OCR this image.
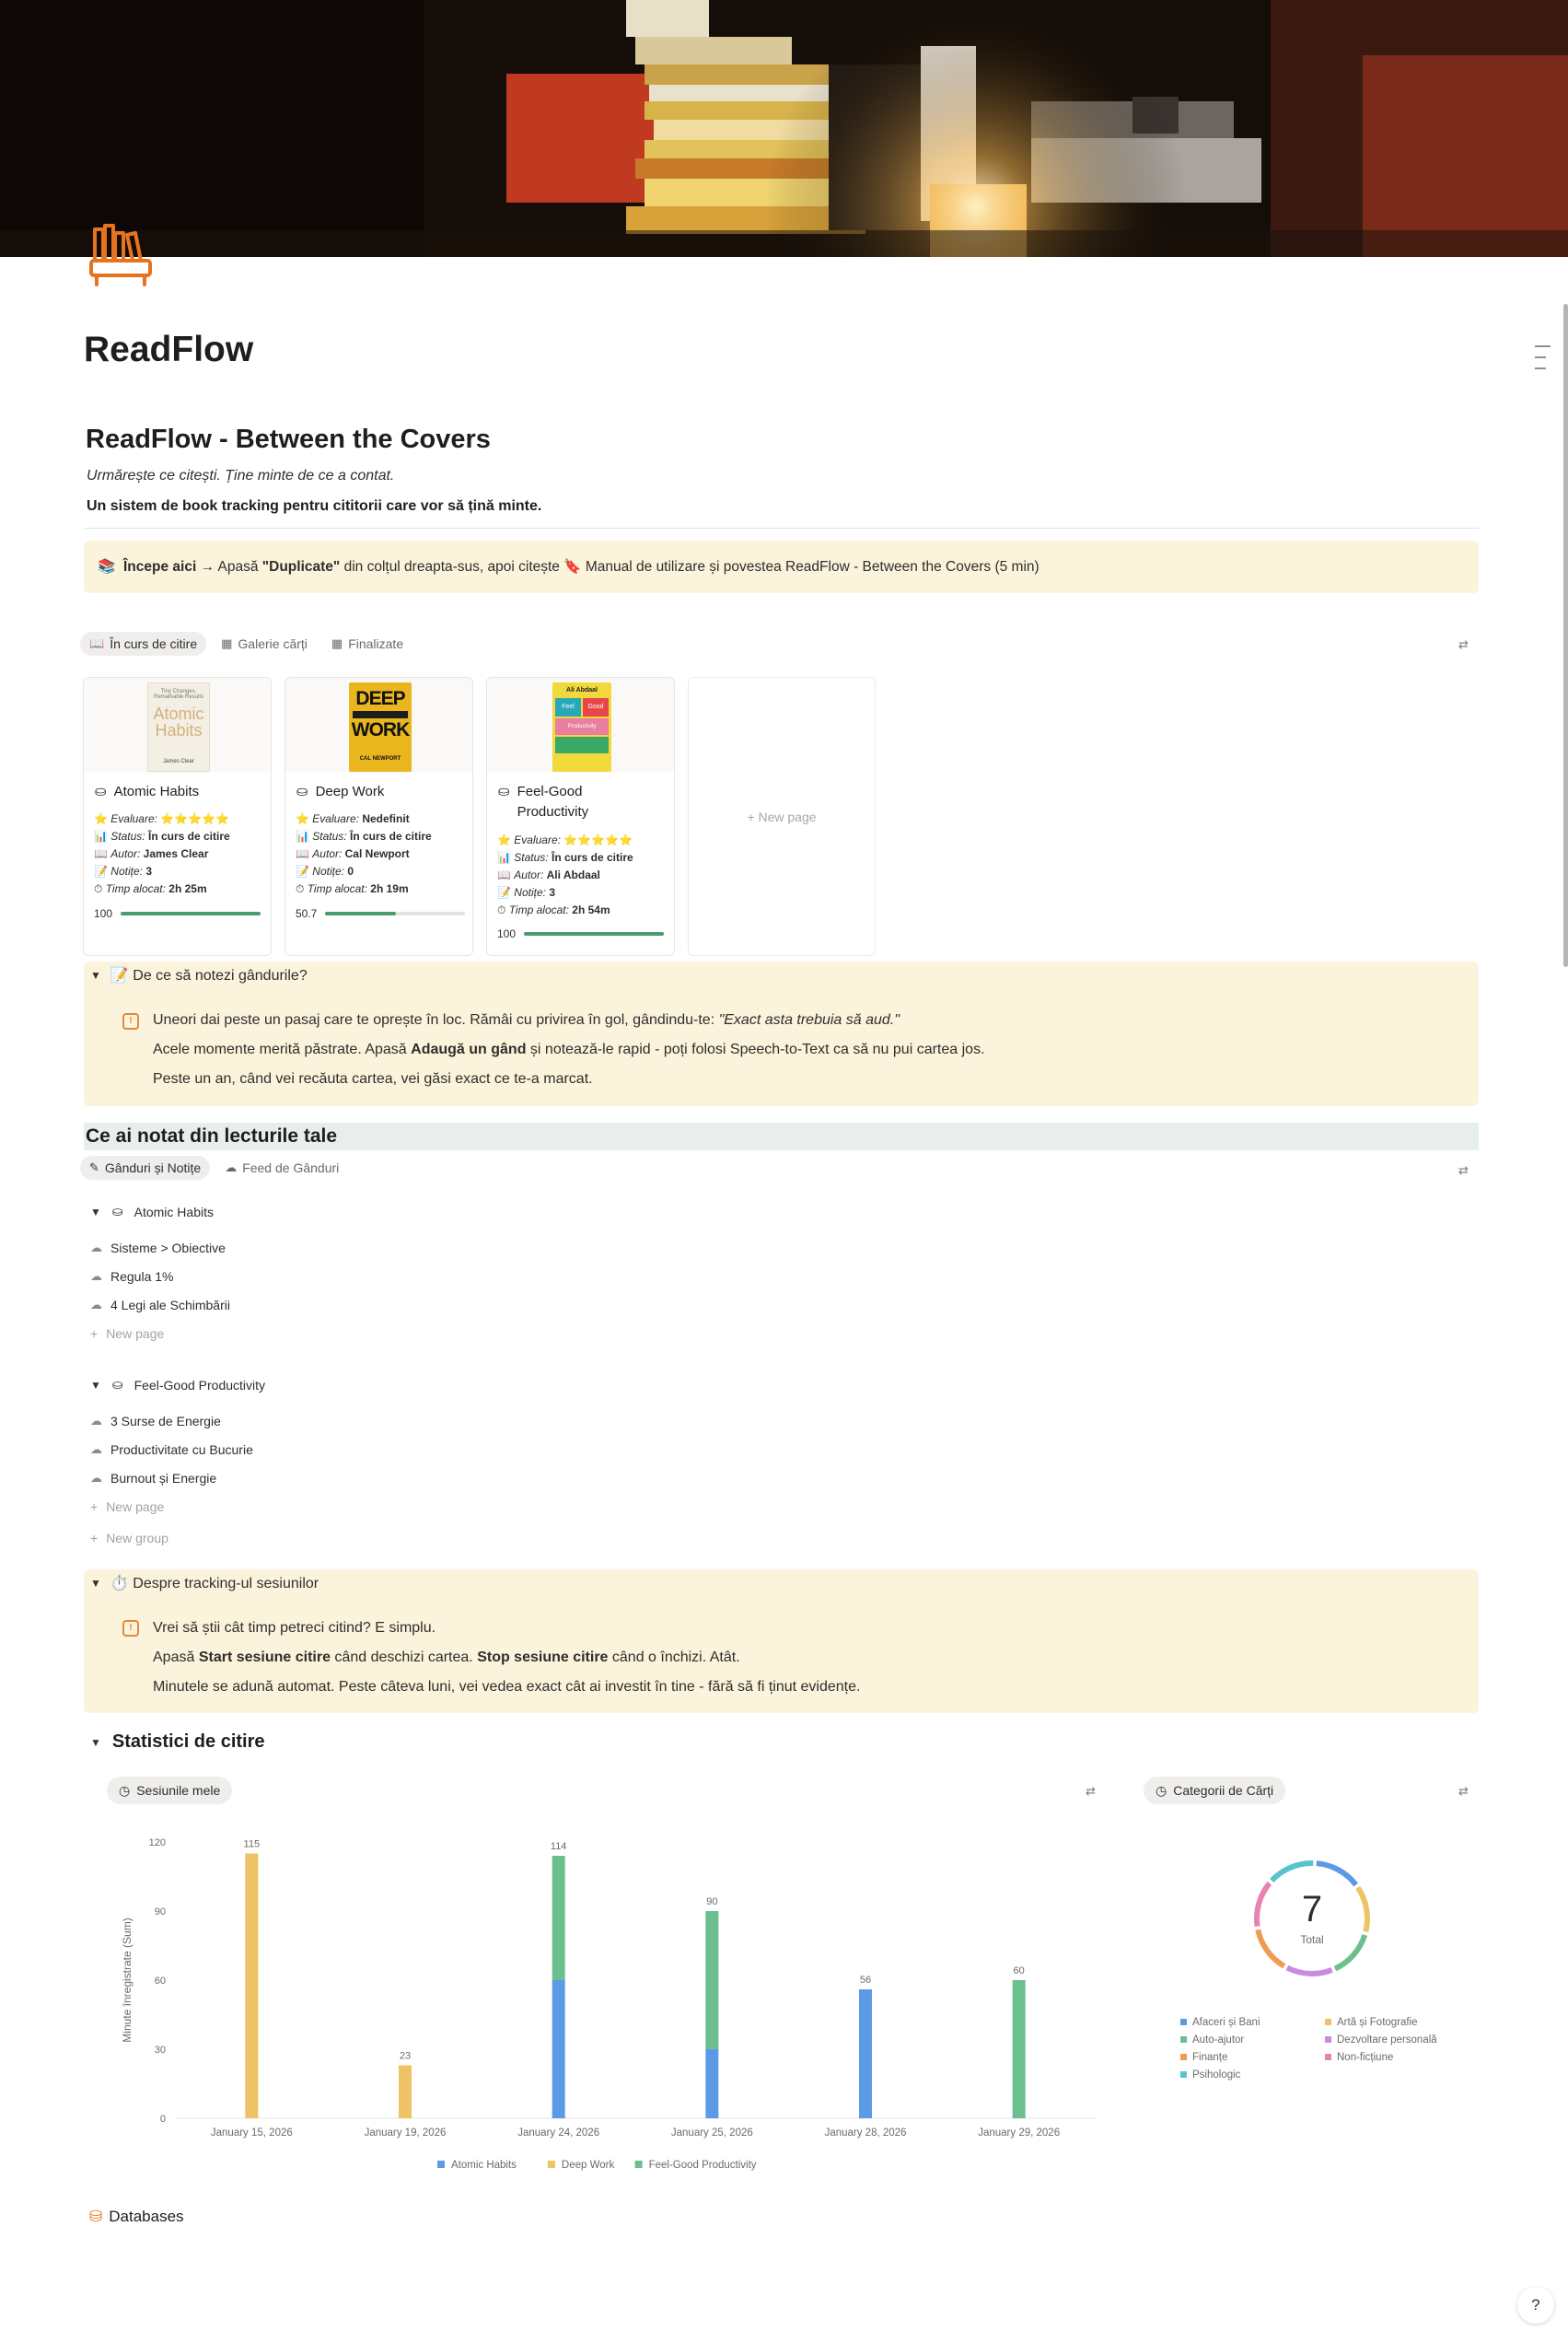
ReadFlow
ReadFlow - Between the Covers
Urmărește ce citești. Ține minte de ce a contat.
Un sistem de book tracking pentru cititorii care vor să țină minte.
📚 Începe aici → Apasă "Duplicate" din colțul dreapta-sus, apoi citește 🔖 Manual de utilizare și povestea ReadFlow - Between the Covers (5 min)
📖 În curs de citire ▦ Galerie cărți ▦ Finalizate	⇄
Tiny Changes, Remarkable Results
Atomic
Habits
James Clear
⛀ Atomic Habits
⭐ Evaluare: ⭐⭐⭐⭐⭐
📊 Status: În curs de citire
📖 Autor: James Clear
📝 Notițe: 3
⏱ Timp alocat: 2h 25m
100
DEEP
WORK
CAL NEWPORT
⛀ Deep Work
⭐ Evaluare: Nedefinit
📊 Status: În curs de citire
📖 Autor: Cal Newport
📝 Notițe: 0
⏱ Timp alocat: 2h 19m
50.7
Ali Abdaal
Feel	Good
Productivity
⛀ Feel-Good Productivity
⭐ Evaluare: ⭐⭐⭐⭐⭐
📊 Status: În curs de citire
📖 Autor: Ali Abdaal
📝 Notițe: 3
⏱ Timp alocat: 2h 54m
100
+ New page
▼ 📝 De ce să notezi gândurile?
!	Uneori dai peste un pasaj care te oprește în loc. Rămâi cu privirea în gol, gândindu-te: "Exact asta trebuia să aud."
Acele momente merită păstrate. Apasă Adaugă un gând și notează-le rapid - poți folosi Speech-to-Text ca să nu pui cartea jos.
Peste un an, când vei recăuta cartea, vei găsi exact ce te-a marcat.
Ce ai notat din lecturile tale
✎ Gânduri și Notițe ☁ Feed de Gânduri	⇄
▼ ⛀ Atomic Habits
☁ Sisteme > Obiective
☁ Regula 1%
☁ 4 Legi ale Schimbării
+ New page
▼ ⛀ Feel-Good Productivity
☁ 3 Surse de Energie
☁ Productivitate cu Bucurie
☁ Burnout și Energie
+ New page
+ New group
▼ ⏱️ Despre tracking-ul sesiunilor
!	Vrei să știi cât timp petreci citind? E simplu.
Apasă Start sesiune citire când deschizi cartea. Stop sesiune citire când o închizi. Atât.
Minutele se adună automat. Peste câteva luni, vei vedea exact cât ai investit în tine - fără să fi ținut evidențe.
▼ Statistici de citire
◷ Sesiunile mele	⇄	◷ Categorii de Cărți	⇄
Minute înregistrate (Sum)
0
30
60
90
120	115
23
114
90
56
60
January 15, 2026	January 19, 2026	January 24, 2026	January 25, 2026	January 28, 2026	January 29, 2026
Atomic Habits	Deep Work	Feel-Good Productivity
7
Total
Afaceri și Bani	Artă și Fotografie
Auto-ajutor	Dezvoltare personală
Finanțe	Non-ficțiune
Psihologic
⛁ Databases
?
